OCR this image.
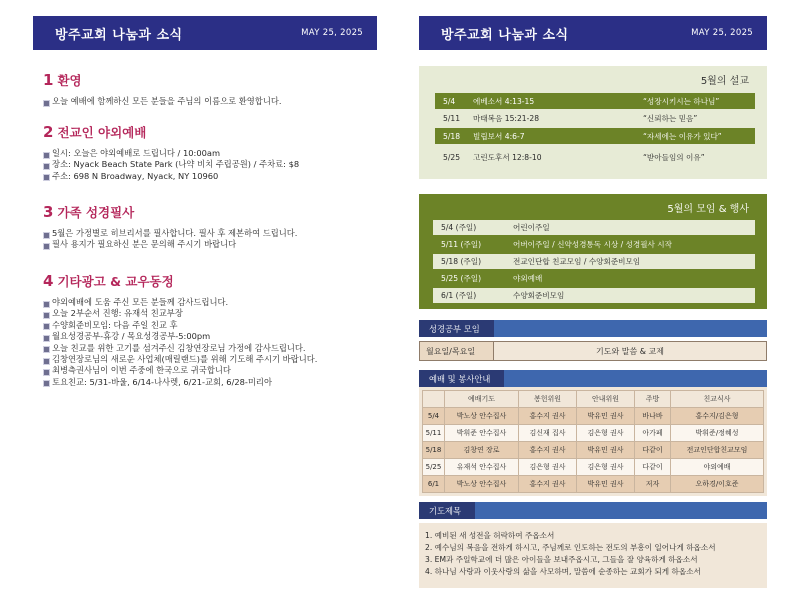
방주교회 나눔과 소식	MAY 25, 2025	방주교회 나눔과 소식	MAY 25, 2025
1 환영
오늘 예배에 함께하신 모든 분들을 주님의 이름으로 환영합니다.
2 전교인 야외예배
일시: 오늘은 야외예배로 드립니다 / 10:00am
장소: Nyack Beach State Park (나약 비치 주립공원) / 주차료: $8
주소: 698 N Broadway, Nyack, NY 10960
3 가족 성경필사
5월은 가정별로 히브리서를 필사합니다. 필사 후 제본하여 드립니다.
필사 용지가 필요하신 분은 문의해 주시기 바랍니다
4 기타광고 & 교우동정
야외예배에 도움 주신 모든 분들께 감사드립니다.
오늘 2부순서 진행: 유재석 친교부장
수양회준비모임: 다음 주일 친교 후
월요성경공부-휴강 / 목요성경공부-5:00pm
오늘 친교를 위한 고기를 섬겨주신 김창연장로님 가정에 감사드립니다.
김창연장로님의 새로운 사업체(매릴랜드)를 위해 기도해 주시기 바랍니다.
최병측권사님이 이번 주중에 한국으로 귀국합니다
토요친교: 5/31-바울, 6/14-나사렛, 6/21-교회, 6/28-미리아
5월의 설교
5/4	에베소서 4:13-15	“성장시키시는 하나님”
5/11	마태복음 15:21-28	“신뢰하는 믿음”
5/18	빌립보서 4:6-7	“자세에는 이유가 있다”
5/25	고린도후서 12:8-10	“받아들임의 이유”
5월의 모임 & 행사
5/4 (주일)	어린이주일
5/11 (주일)	어버이주일 / 신약성경통독 시상 / 성경필사 시작
5/18 (주일)	전교인단합 친교모임 / 수양회준비모임
5/25 (주일)	야외예배
6/1 (주일)	수양회준비모임
성경공부 모임
월요일/목요일	기도와 말씀 & 교제
예배 및 봉사안내
	예배기도	봉헌위원	안내위원	주방	친교식사
5/4	박노상 안수집사	홍수지 권사	박유민 권사	바나바	홍수지/김은형
5/11	박휘준 안수집사	김신재 집사	김은형 권사	아가페	박휘준/정혜성
5/18	김창연 장로	홍수지 권사	박유민 권사	다같이	전교인단합친교모임
5/25	유재석 안수집사	김은형 권사	김은형 권사	다같이	야외예배
6/1	박노상 안수집사	홍수지 권사	박유민 권사	저자	오하경/이호준
기도제목
1. 예비된 새 성전을 허락하여 주옵소서
2. 예수님의 복음을 전하게 하시고, 주님께로 인도하는 전도의 부흥이 일어나게 하옵소서
3. EM과 주일학교에 더 많은 아이들을 보내주옵시고, 그들을 잘 양육하게 하옵소서
4. 하나님 사랑과 이웃사랑의 삶을 사모하며, 말씀에 순종하는 교회가 되게 하옵소서
